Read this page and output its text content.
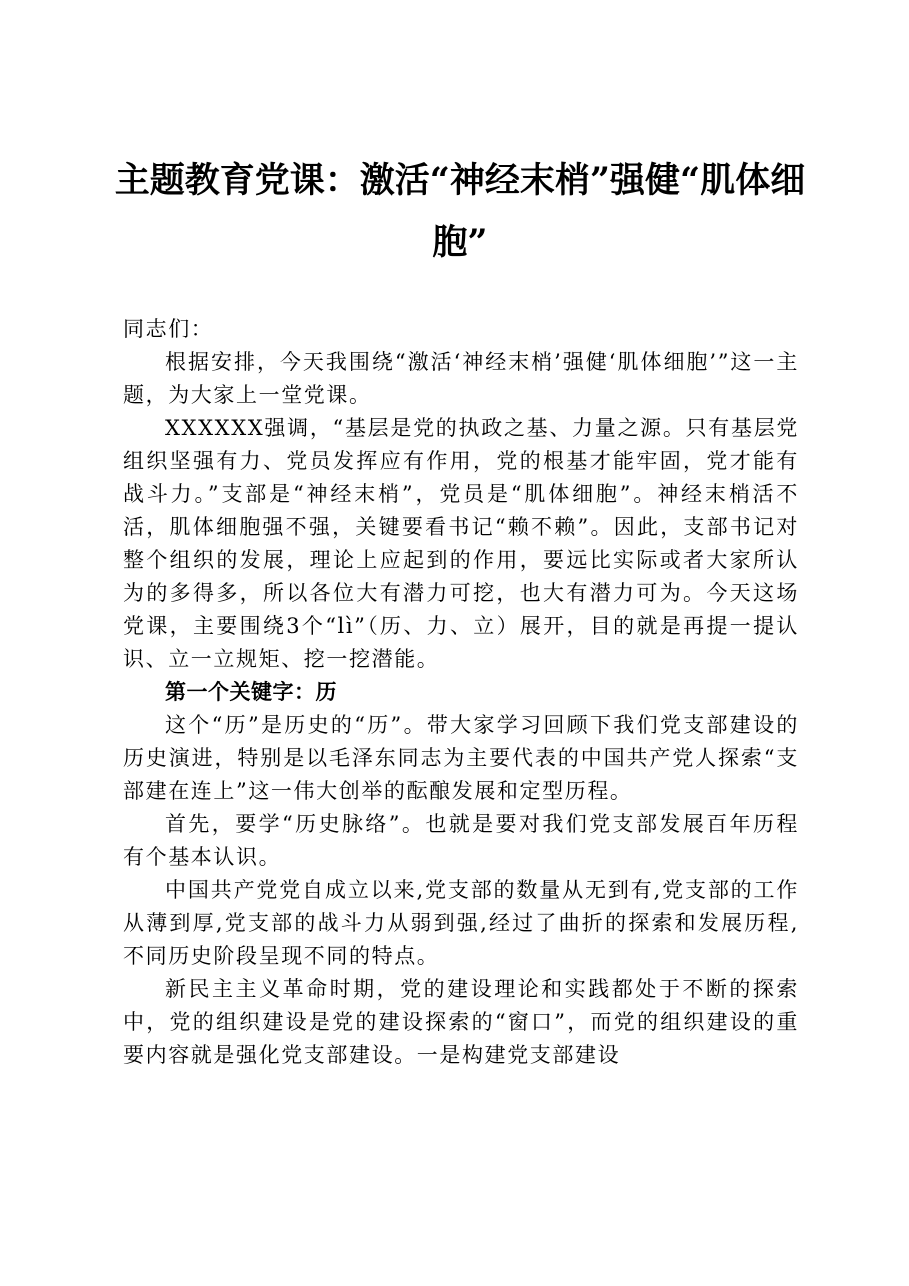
主题教育党课：激活“神经末梢”强健“肌体细胞”

同志们：

根据安排，今天我围绕“激活‘神经末梢’强健‘肌体细胞’”这一主题，为大家上一堂党课。

XXXXXX强调，“基层是党的执政之基、力量之源。只有基层党组织坚强有力、党员发挥应有作用，党的根基才能牢固，党才能有战斗力。”支部是“神经末梢”，党员是“肌体细胞”。神经末梢活不活，肌体细胞强不强，关键要看书记“赖不赖”。因此，支部书记对整个组织的发展，理论上应起到的作用，要远比实际或者大家所认为的多得多，所以各位大有潜力可挖，也大有潜力可为。今天这场党课，主要围绕3个“lì”（历、力、立）展开，目的就是再提一提认识、立一立规矩、挖一挖潜能。

第一个关键字：历

这个“历”是历史的“历”。带大家学习回顾下我们党支部建设的历史演进，特别是以毛泽东同志为主要代表的中国共产党人探索“支部建在连上”这一伟大创举的酝酿发展和定型历程。

首先，要学“历史脉络”。也就是要对我们党支部发展百年历程有个基本认识。

中国共产党党自成立以来,党支部的数量从无到有,党支部的工作从薄到厚,党支部的战斗力从弱到强,经过了曲折的探索和发展历程,不同历史阶段呈现不同的特点。

新民主主义革命时期，党的建设理论和实践都处于不断的探索中，党的组织建设是党的建设探索的“窗口”，而党的组织建设的重要内容就是强化党支部建设。一是构建党支部建设
